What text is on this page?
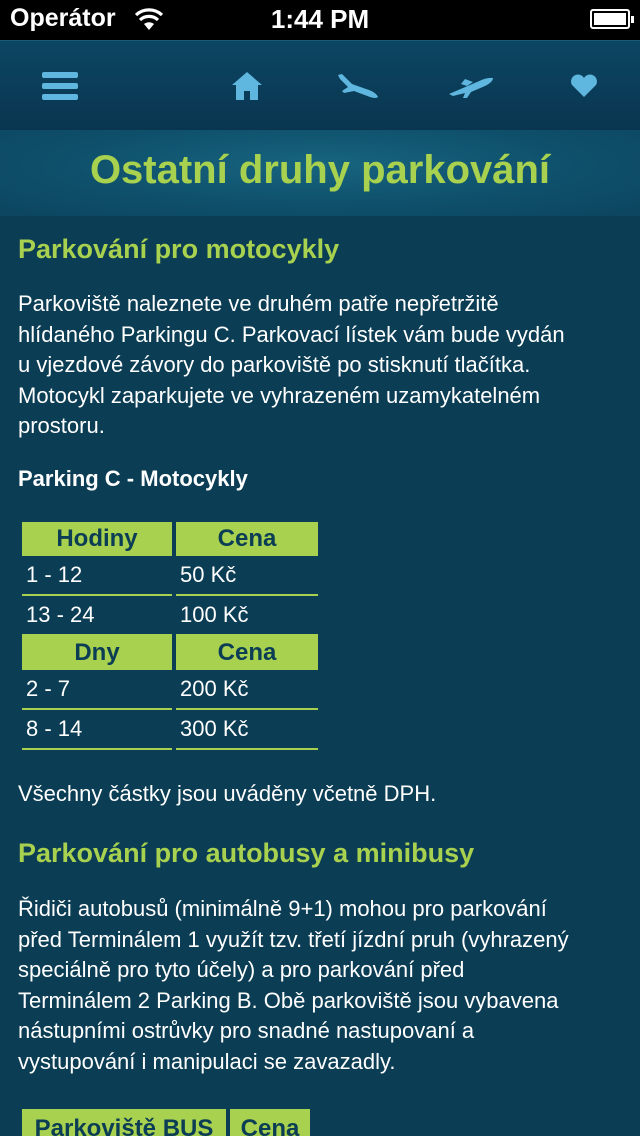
Operátor	1:44 PM
Ostatní druhy parkování
Parkování pro motocykly
Parkoviště naleznete ve druhém patře nepřetržitě
hlídaného Parkingu C. Parkovací lístek vám bude vydán
u vjezdové závory do parkoviště po stisknutí tlačítka.
Motocykl zaparkujete ve vyhrazeném uzamykatelném
prostoru.
Parking C - Motocykly
Hodiny		Cena
1 - 12		50 Kč
13 - 24		100 Kč
Dny		Cena
2 - 7		200 Kč
8 - 14		300 Kč
Všechny částky jsou uváděny včetně DPH.
Parkování pro autobusy a minibusy
Řidiči autobusů (minimálně 9+1) mohou pro parkování
před Terminálem 1 využít tzv. třetí jízdní pruh (vyhrazený
speciálně pro tyto účely) a pro parkování před
Terminálem 2 Parking B. Obě parkoviště jsou vybavena
nástupními ostrůvky pro snadné nastupovaní a
vystupování i manipulaci se zavazadly.
Parkoviště BUS		Cena
